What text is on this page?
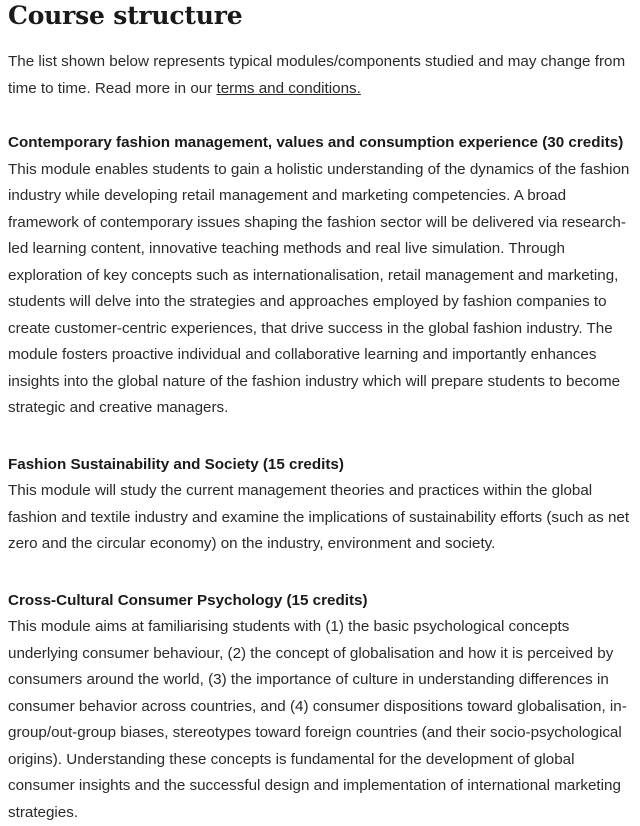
Course structure

The list shown below represents typical modules/components studied and may change from time to time. Read more in our terms and conditions.

Contemporary fashion management, values and consumption experience (30 credits)

This module enables students to gain a holistic understanding of the dynamics of the fashion industry while developing retail management and marketing competencies. A broad framework of contemporary issues shaping the fashion sector will be delivered via research-led learning content, innovative teaching methods and real live simulation. Through exploration of key concepts such as internationalisation, retail management and marketing, students will delve into the strategies and approaches employed by fashion companies to create customer-centric experiences, that drive success in the global fashion industry. The module fosters proactive individual and collaborative learning and importantly enhances insights into the global nature of the fashion industry which will prepare students to become strategic and creative managers.

Fashion Sustainability and Society (15 credits)

This module will study the current management theories and practices within the global fashion and textile industry and examine the implications of sustainability efforts (such as net zero and the circular economy) on the industry, environment and society.

Cross-Cultural Consumer Psychology (15 credits)

This module aims at familiarising students with (1) the basic psychological concepts underlying consumer behaviour, (2) the concept of globalisation and how it is perceived by consumers around the world, (3) the importance of culture in understanding differences in consumer behavior across countries, and (4) consumer dispositions toward globalisation, in-group/out-group biases, stereotypes toward foreign countries (and their socio-psychological origins). Understanding these concepts is fundamental for the development of global consumer insights and the successful design and implementation of international marketing strategies.
